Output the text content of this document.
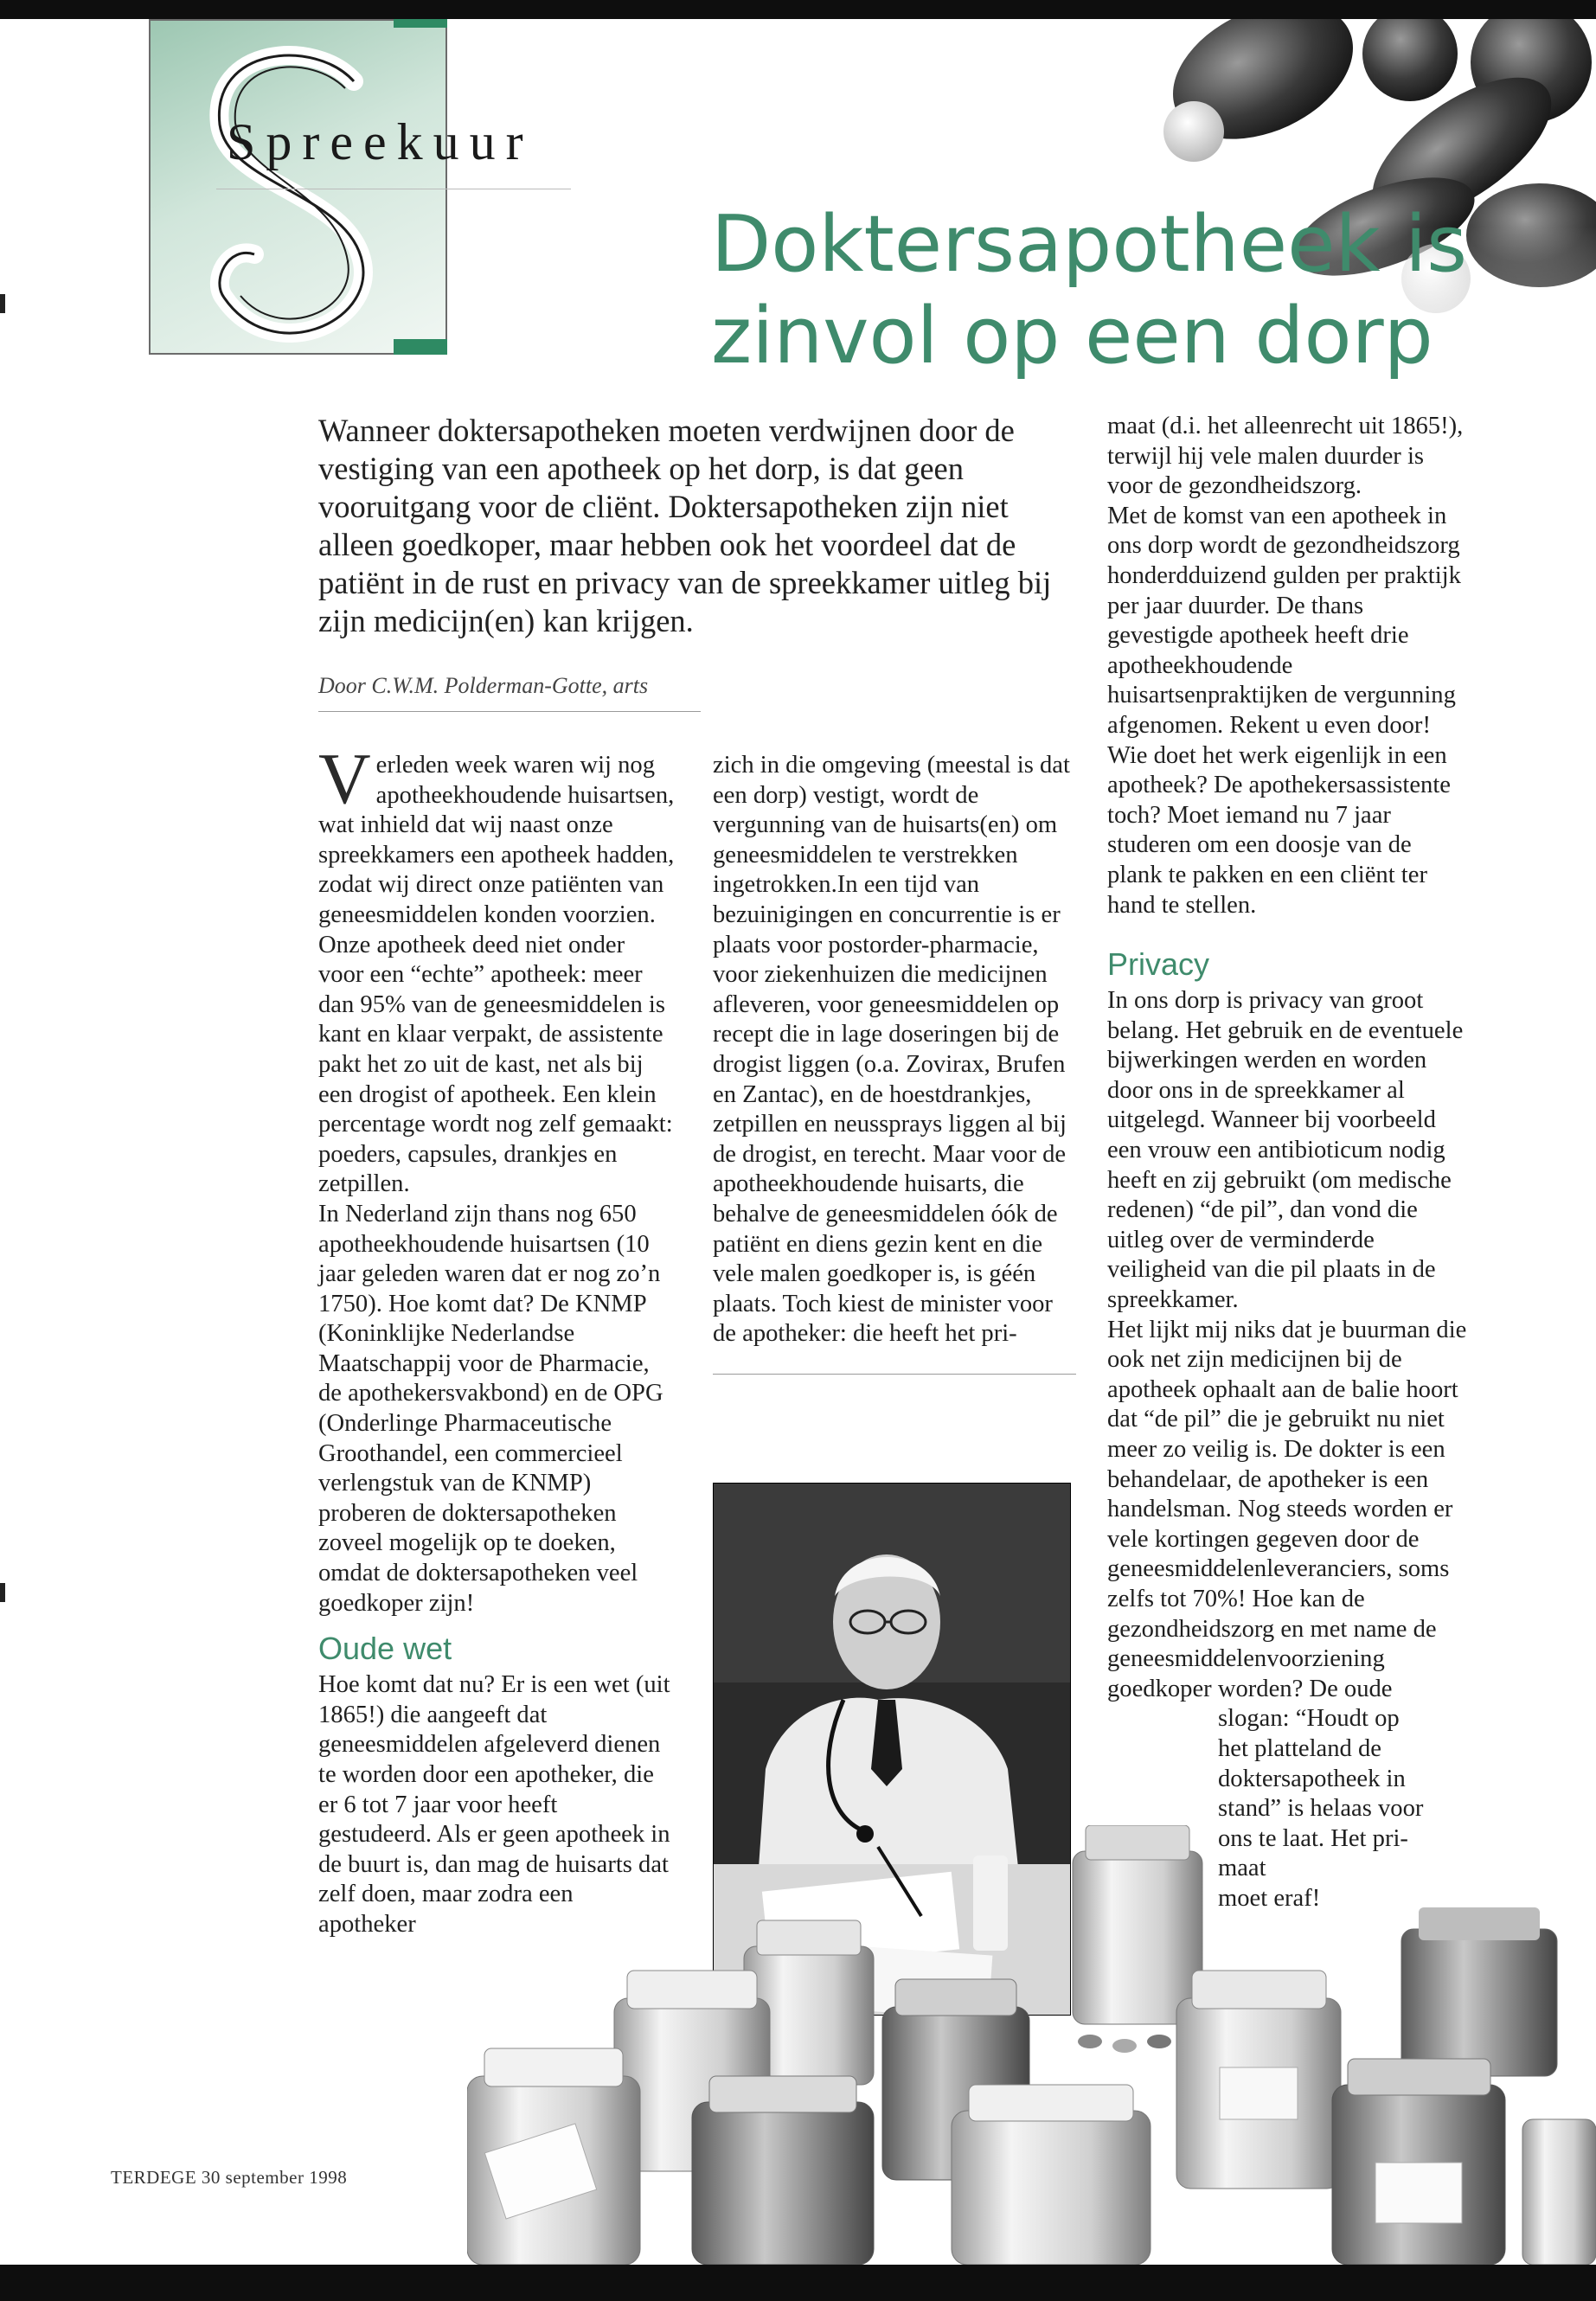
Spreekuur
Doktersapotheek is
zinvol op een dorp
Wanneer doktersapotheken moeten verdwijnen door de vestiging van een apotheek op het dorp, is dat geen vooruitgang voor de cliënt. Doktersapotheken zijn niet alleen goedkoper, maar hebben ook het voordeel dat de patiënt in de rust en privacy van de spreekkamer uitleg bij zijn medicijn(en) kan krijgen.
Door C.W.M. Polderman-Gotte, arts

Verleden week waren wij nog apotheekhoudende huisartsen, wat inhield dat wij naast onze spreekkamers een apotheek hadden, zodat wij direct onze patiënten van geneesmiddelen konden voorzien.

Onze apotheek deed niet onder voor een “echte” apotheek: meer dan 95% van de geneesmiddelen is kant en klaar verpakt, de assistente pakt het zo uit de kast, net als bij een drogist of apotheek. Een klein percentage wordt nog zelf gemaakt: poeders, capsules, drankjes en zetpillen.

In Nederland zijn thans nog 650 apotheekhoudende huisartsen (10 jaar geleden waren dat er nog zo’n 1750). Hoe komt dat? De KNMP (Koninklijke Nederlandse Maatschappij voor de Pharmacie, de apothekersvakbond) en de OPG (Onderlinge Pharmaceutische Groothandel, een commercieel verlengstuk van de KNMP) proberen de doktersapotheken zoveel mogelijk op te doeken, omdat de doktersapotheken veel goedkoper zijn!

Oude wet

Hoe komt dat nu? Er is een wet (uit 1865!) die aangeeft dat geneesmiddelen afgeleverd dienen te worden door een apotheker, die er 6 tot 7 jaar voor heeft gestudeerd. Als er geen apotheek in de buurt is, dan mag de huisarts dat zelf doen, maar zodra een apotheker

zich in die omgeving (meestal is dat een dorp) vestigt, wordt de vergunning van de huisarts(en) om geneesmiddelen te verstrekken ingetrokken.In een tijd van bezuinigingen en concurrentie is er plaats voor postorder-pharmacie, voor ziekenhuizen die medicijnen afleveren, voor geneesmiddelen op recept die in lage doseringen bij de drogist liggen (o.a. Zovirax, Brufen en Zantac), en de hoestdrankjes, zetpillen en neussprays liggen al bij de drogist, en terecht. Maar voor de apotheekhoudende huisarts, die behalve de geneesmiddelen óók de patiënt en diens gezin kent en die vele malen goedkoper is, is géén plaats. Toch kiest de minister voor de apotheker: die heeft het pri-

maat (d.i. het alleenrecht uit 1865!), terwijl hij vele malen duurder is voor de gezondheidszorg.

Met de komst van een apotheek in ons dorp wordt de gezondheidszorg honderdduizend gulden per praktijk per jaar duurder. De thans gevestigde apotheek heeft drie apotheekhoudende huisartsenpraktijken de vergunning afgenomen. Rekent u even door! Wie doet het werk eigenlijk in een apotheek? De apothekersassistente toch? Moet iemand nu 7 jaar studeren om een doosje van de plank te pakken en een cliënt ter hand te stellen.

Privacy

In ons dorp is privacy van groot belang. Het gebruik en de eventuele bijwerkingen werden en worden door ons in de spreekkamer al uitgelegd. Wanneer bij voorbeeld een vrouw een antibioticum nodig heeft en zij gebruikt (om medische redenen) “de pil”, dan vond die uitleg over de verminderde veiligheid van die pil plaats in de spreekkamer.

Het lijkt mij niks dat je buurman die ook net zijn medicijnen bij de apotheek ophaalt aan de balie hoort dat “de pil” die je gebruikt nu niet meer zo veilig is. De dokter is een behandelaar, de apotheker is een handelsman. Nog steeds worden er vele kortingen gegeven door de geneesmiddelenleveranciers, soms zelfs tot 70%! Hoe kan de gezondheidszorg en met name de geneesmiddelenvoorziening goedkoper worden? De oude

slogan: “Houdt op

het platteland de

doktersapotheek in

stand” is helaas voor

ons te laat. Het pri-

maat

moet eraf!

TERDEGE 30 september 1998
